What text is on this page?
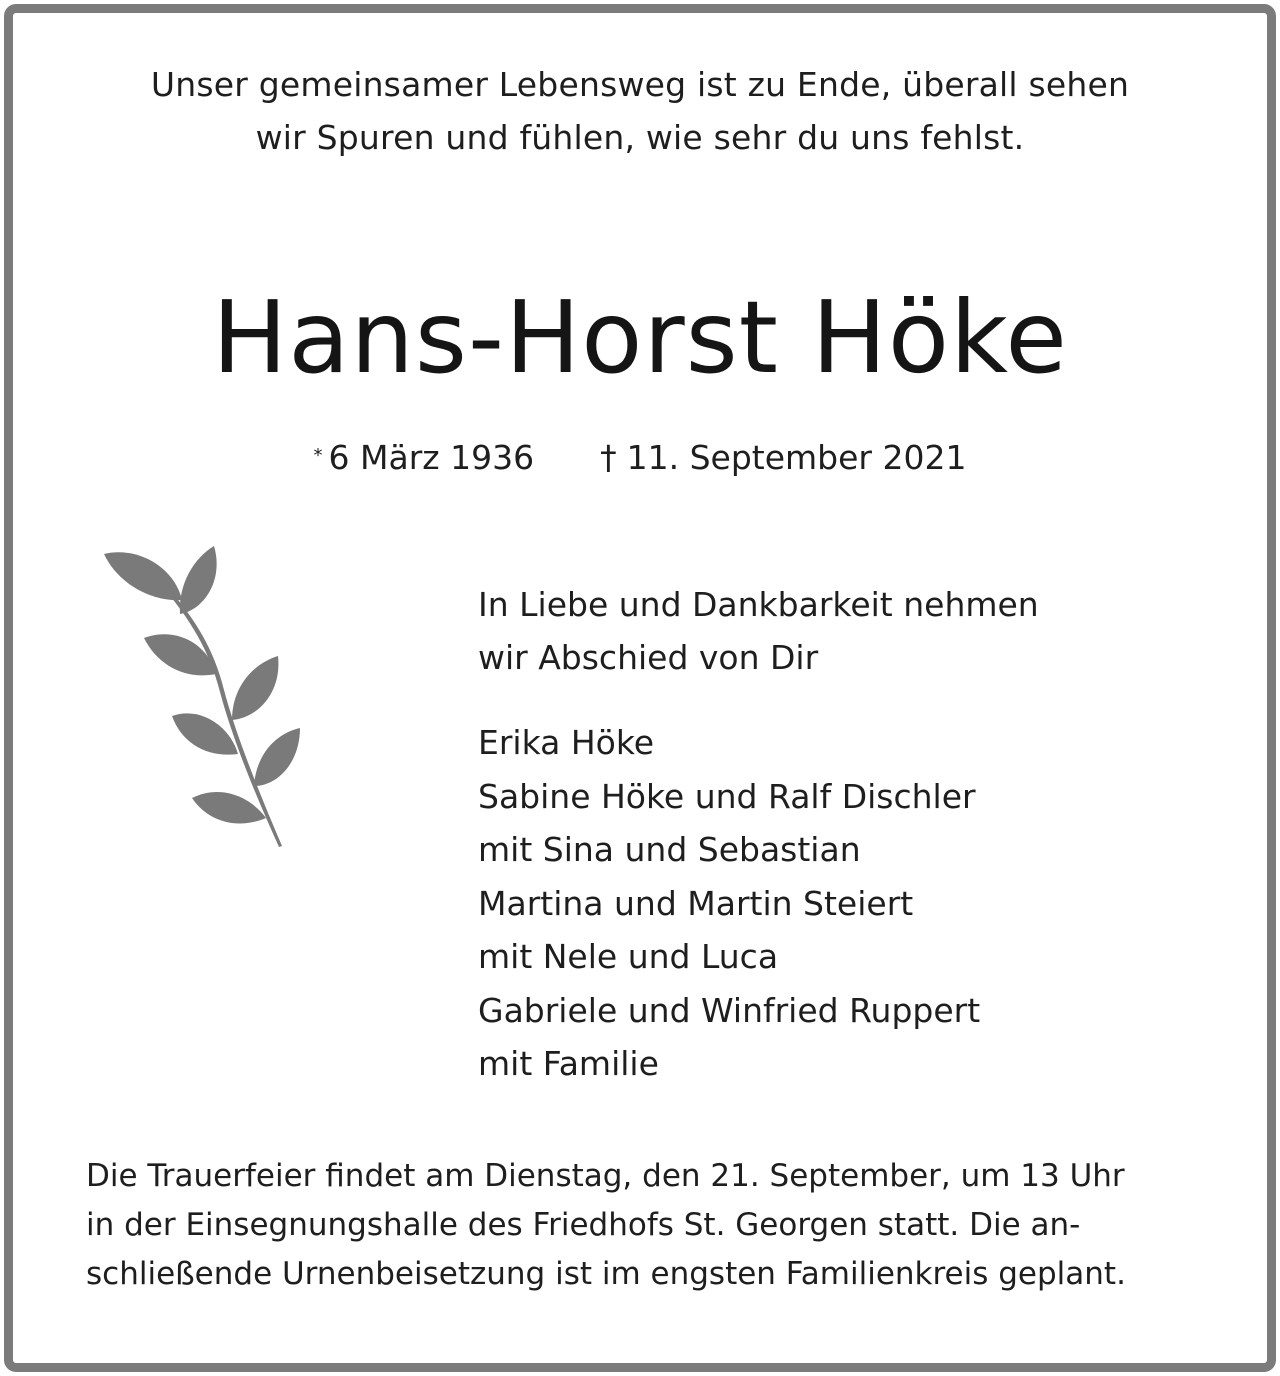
Unser gemeinsamer Lebensweg ist zu Ende, überall sehen
wir Spuren und fühlen, wie sehr du uns fehlst.
Hans-Horst Höke
* 6 März 1936 † 11. September 2021
In Liebe und Dankbarkeit nehmen
wir Abschied von Dir
Erika Höke
Sabine Höke und Ralf Dischler
mit Sina und Sebastian
Martina und Martin Steiert
mit Nele und Luca
Gabriele und Winfried Ruppert
mit Familie
Die Trauerfeier findet am Dienstag, den 21. September, um 13 Uhr
in der Einsegnungshalle des Friedhofs St. Georgen statt. Die an-
schließende Urnenbeisetzung ist im engsten Familienkreis geplant.
